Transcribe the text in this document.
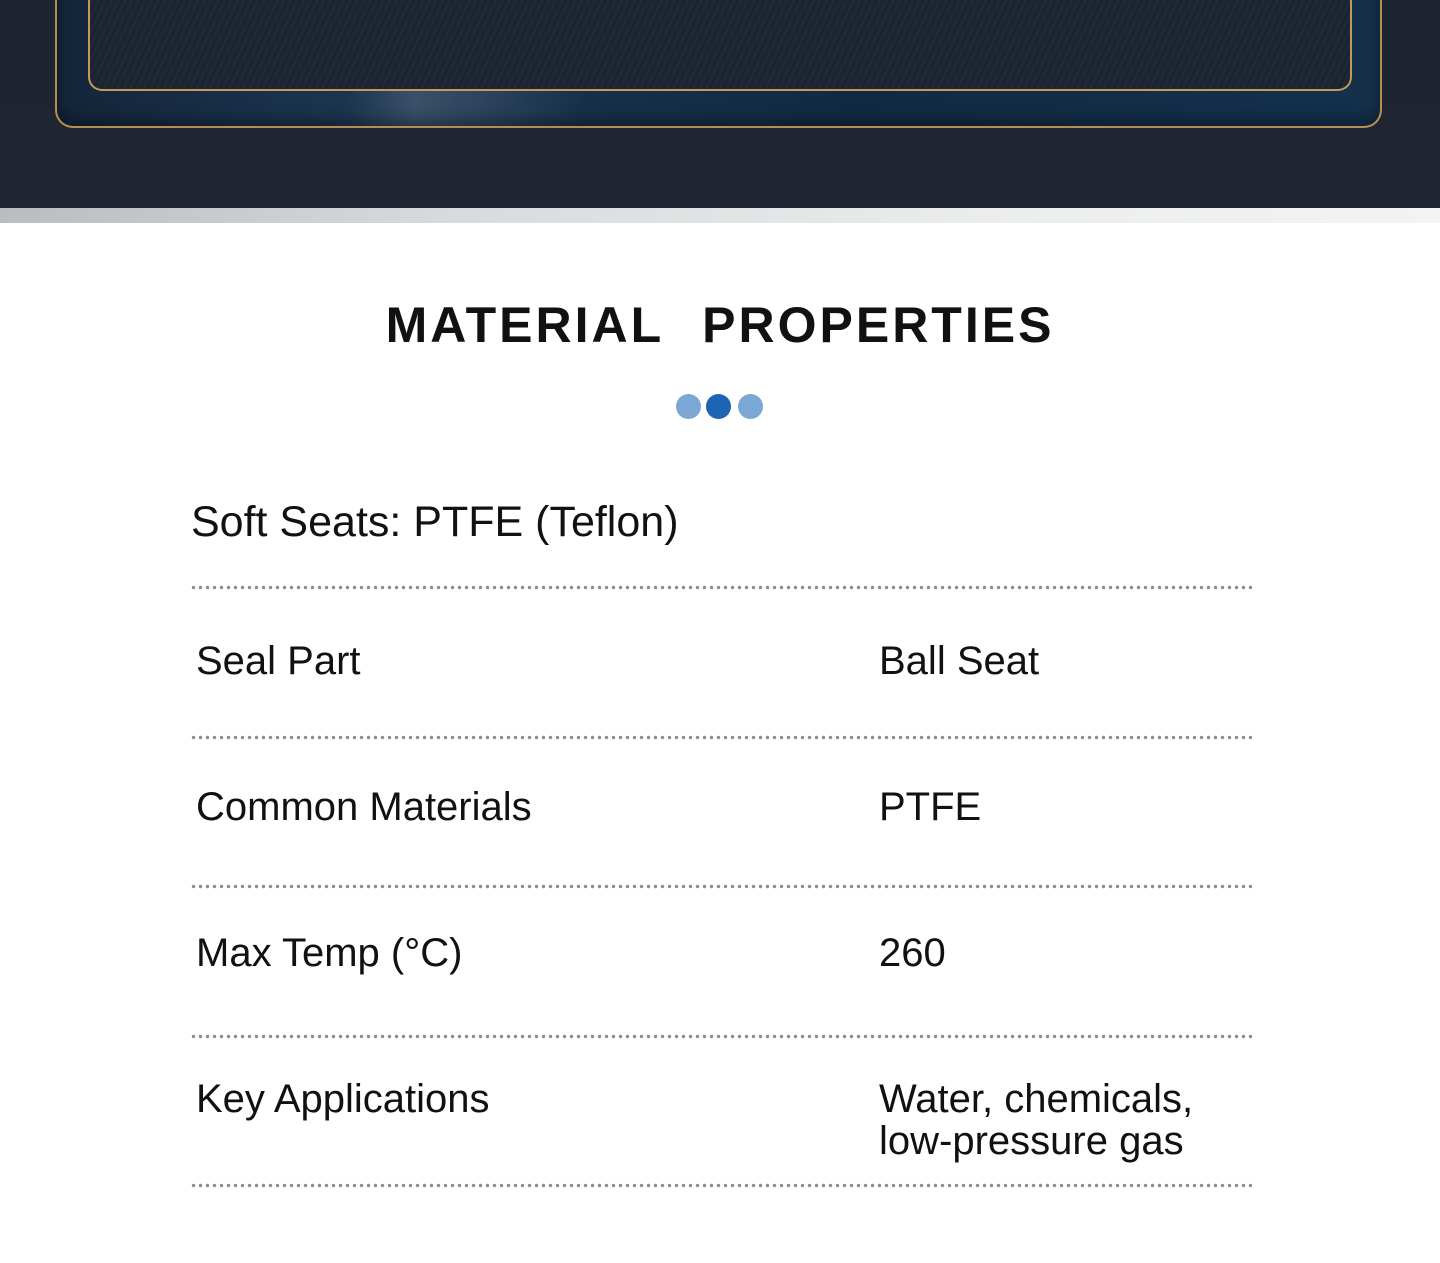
MATERIAL PROPERTIES
Soft Seats: PTFE (Teflon)
Seal Part	Ball Seat
Common Materials	PTFE
Max Temp (°C)	260
Key Applications	Water, chemicals, low-pressure gas
